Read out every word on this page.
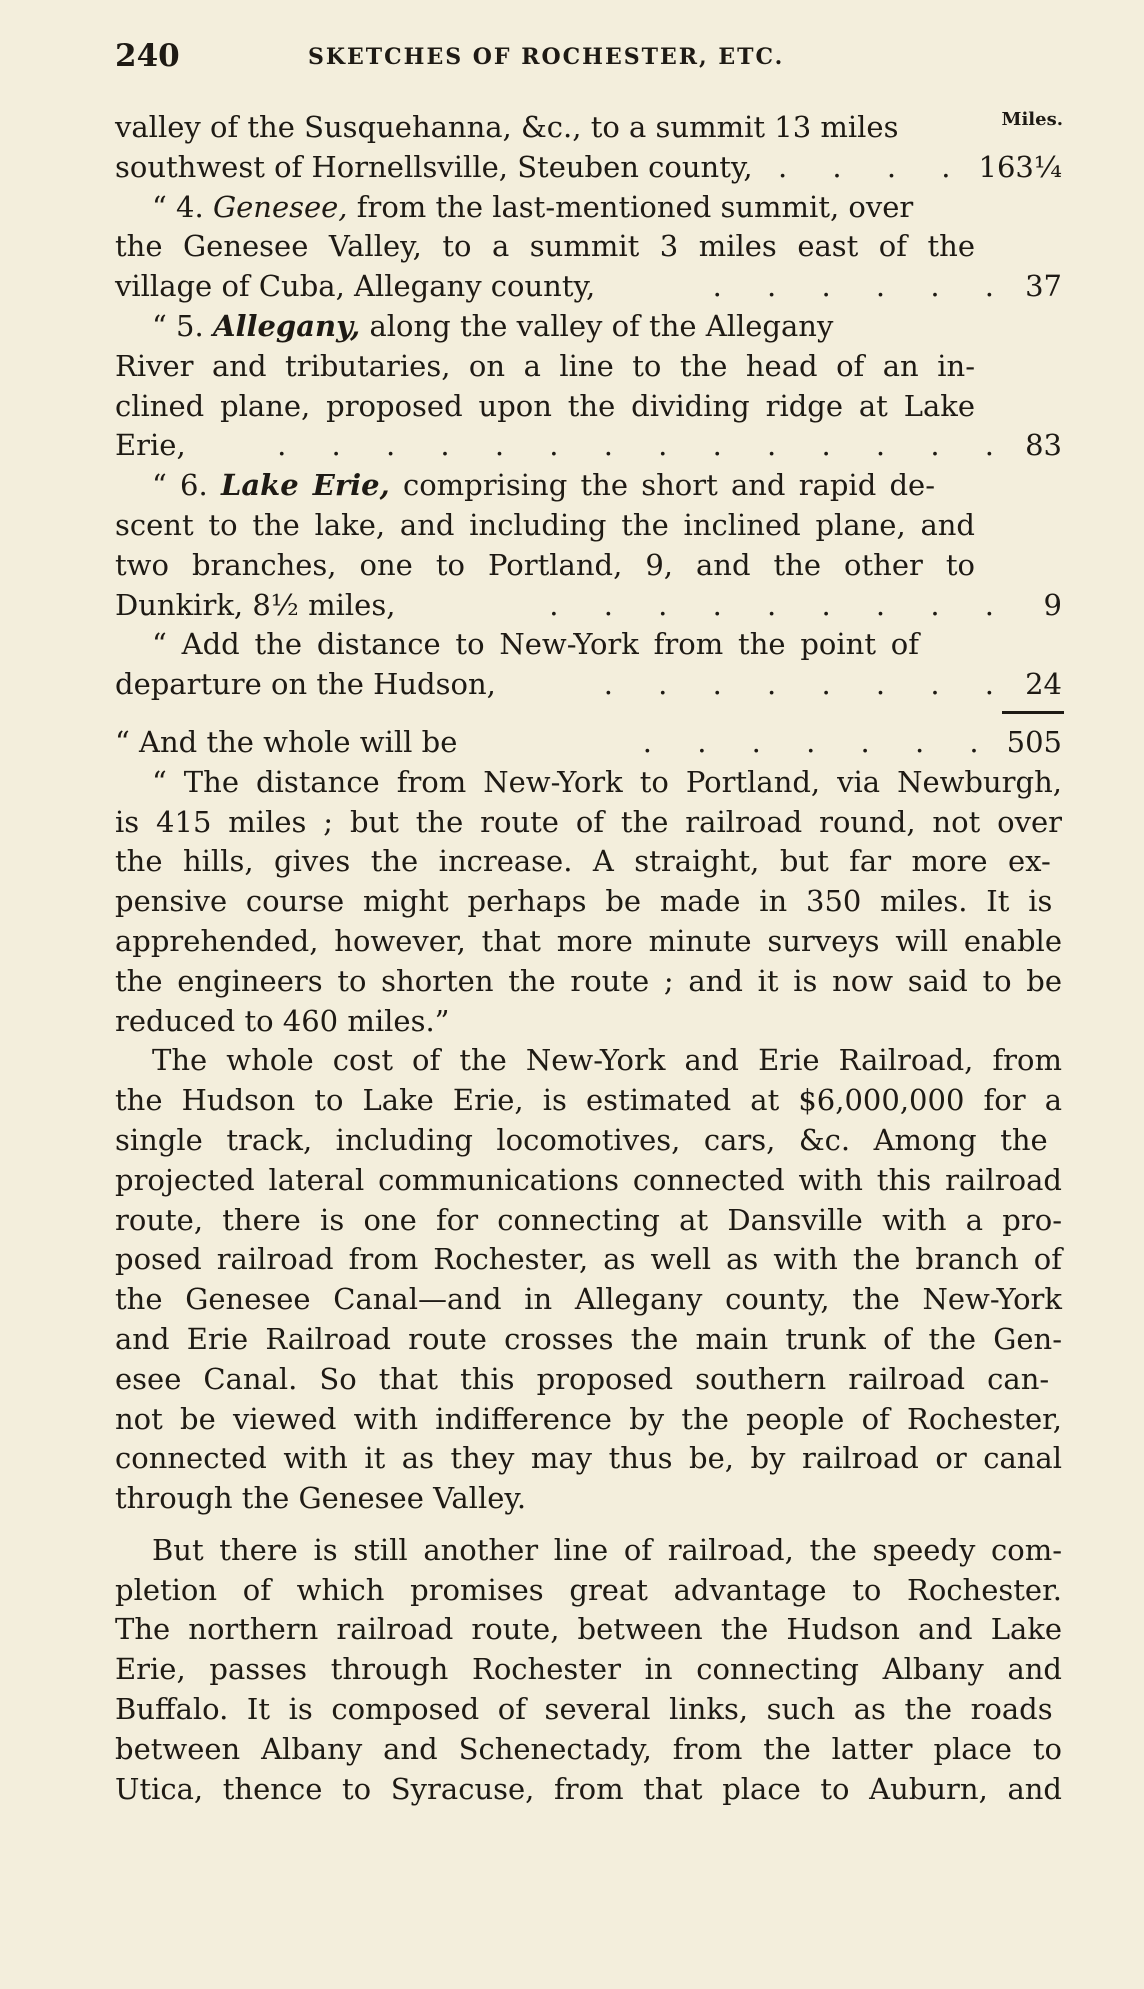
240	SKETCHES OF ROCHESTER, ETC.
valley of the Susquehanna, &c., to a summit 13 miles	Miles.
southwest of Hornellsville, Steuben county, . . . . 163¼
“ 4. Genesee, from the last-mentioned summit, over
the Genesee Valley, to a summit 3 miles east of the
village of Cuba, Allegany county,	. . . . . . 37
“ 5. Allegany, along the valley of the Allegany
River and tributaries, on a line to the head of an in-
clined plane, proposed upon the dividing ridge at Lake
Erie,	. . . . . . . . . . . . . . 83
“ 6. Lake Erie, comprising the short and rapid de-
scent to the lake, and including the inclined plane, and
two branches, one to Portland, 9, and the other to
Dunkirk, 8½ miles,	. . . . . . . . .	9
“ Add the distance to New-York from the point of
departure on the Hudson,	. . . . . . . . 24
“ And the whole will be	. . . . . . . 505
“ The distance from New-York to Portland, via Newburgh,
is 415 miles ; but the route of the railroad round, not over
the hills, gives the increase. A straight, but far more ex-
pensive course might perhaps be made in 350 miles. It is
apprehended, however, that more minute surveys will enable
the engineers to shorten the route ; and it is now said to be
reduced to 460 miles.”
The whole cost of the New-York and Erie Railroad, from
the Hudson to Lake Erie, is estimated at $6,000,000 for a
single track, including locomotives, cars, &c. Among the
projected lateral communications connected with this railroad
route, there is one for connecting at Dansville with a pro-
posed railroad from Rochester, as well as with the branch of
the Genesee Canal—and in Allegany county, the New-York
and Erie Railroad route crosses the main trunk of the Gen-
esee Canal. So that this proposed southern railroad can-
not be viewed with indifference by the people of Rochester,
connected with it as they may thus be, by railroad or canal
through the Genesee Valley.
But there is still another line of railroad, the speedy com-
pletion of which promises great advantage to Rochester.
The northern railroad route, between the Hudson and Lake
Erie, passes through Rochester in connecting Albany and
Buffalo. It is composed of several links, such as the roads
between Albany and Schenectady, from the latter place to
Utica, thence to Syracuse, from that place to Auburn, and
